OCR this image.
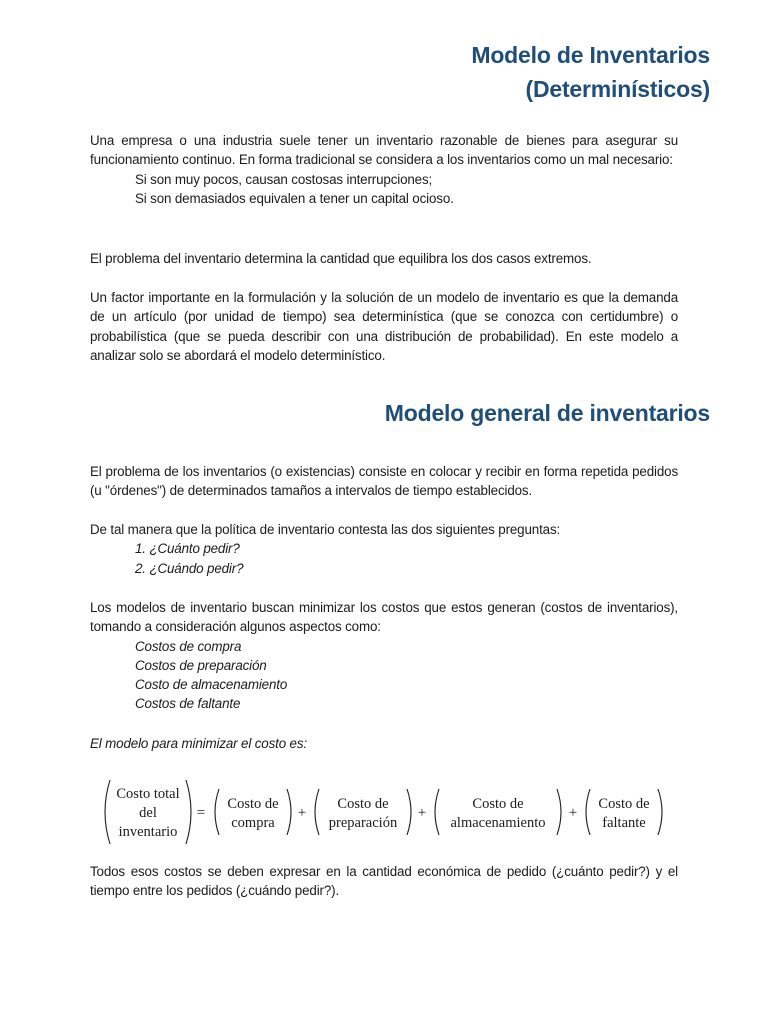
Modelo de Inventarios
(Determinísticos)
Una empresa o una industria suele tener un inventario razonable de bienes para asegurar su funcionamiento continuo. En forma tradicional se considera a los inventarios como un mal necesario:
Si son muy pocos, causan costosas interrupciones;
Si son demasiados equivalen a tener un capital ocioso.
El problema del inventario determina la cantidad que equilibra los dos casos extremos.
Un factor importante en la formulación y la solución de un modelo de inventario es que la demanda de un artículo (por unidad de tiempo) sea determinística (que se conozca con certidumbre) o probabilística (que se pueda describir con una distribución de probabilidad). En este modelo a analizar solo se abordará el modelo determinístico.
Modelo general de inventarios
El problema de los inventarios (o existencias) consiste en colocar y recibir en forma repetida pedidos (u "órdenes") de determinados tamaños a intervalos de tiempo establecidos.
De tal manera que la política de inventario contesta las dos siguientes preguntas:
1. ¿Cuánto pedir?
2. ¿Cuándo pedir?
Los modelos de inventario buscan minimizar los costos que estos generan (costos de inventarios), tomando a consideración algunos aspectos como:
Costos de compra
Costos de preparación
Costo de almacenamiento
Costos de faltante
El modelo para minimizar el costo es:
Costo total
del
inventario
=
Costo de
compra
+
Costo de
preparación
+
Costo de
almacenamiento
+
Costo de
faltante
Todos esos costos se deben expresar en la cantidad económica de pedido (¿cuánto pedir?) y el tiempo entre los pedidos (¿cuándo pedir?).
